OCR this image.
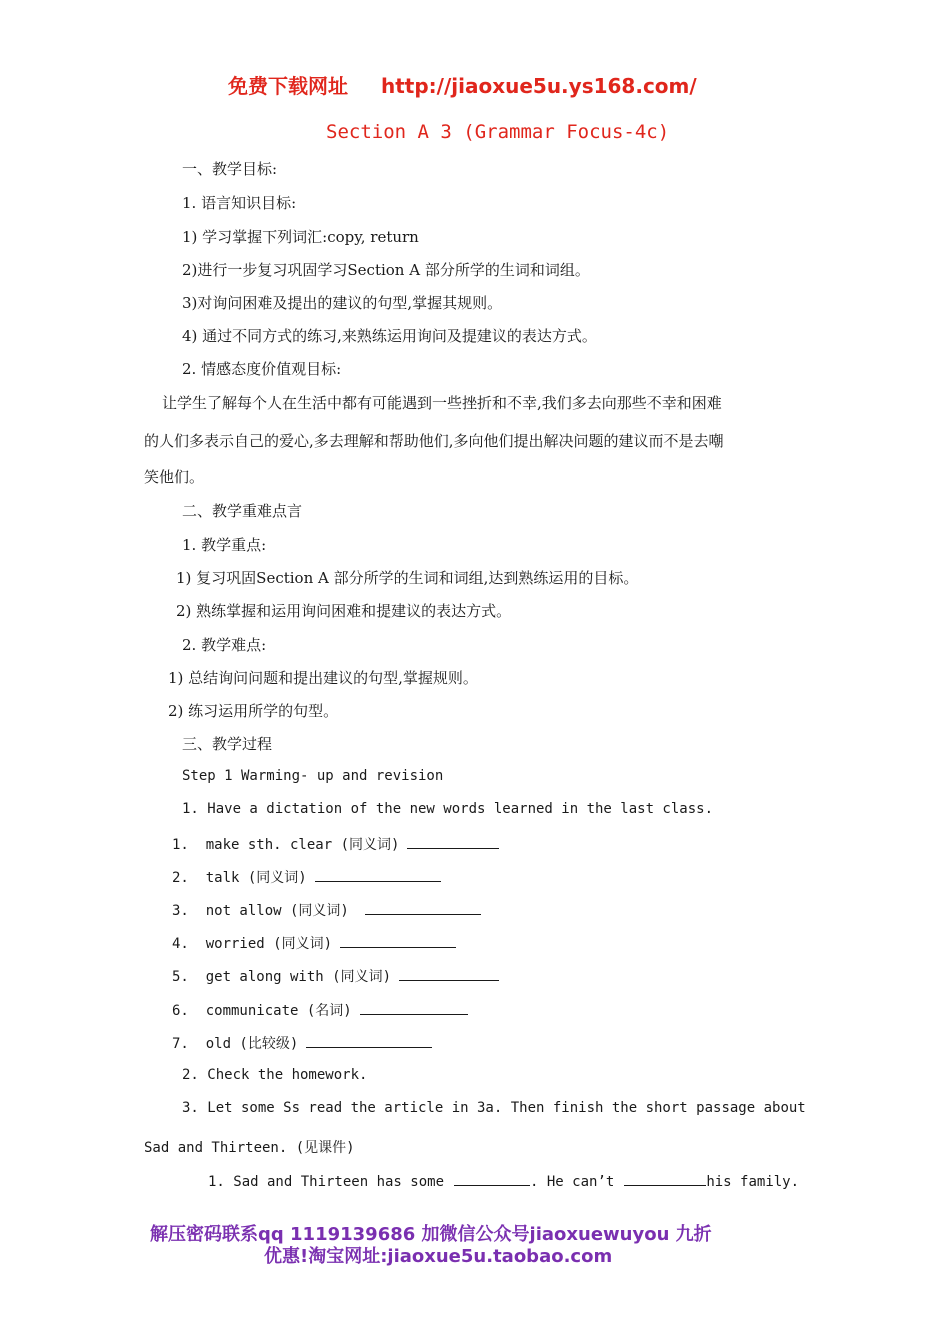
免费下载网址 http://jiaoxue5u.ys168.com/
Section A 3 (Grammar Focus-4c)
一、教学目标:
1. 语言知识目标:
1) 学习掌握下列词汇:copy, return
2)进行一步复习巩固学习Section A 部分所学的生词和词组。
3)对询问困难及提出的建议的句型,掌握其规则。
4) 通过不同方式的练习,来熟练运用询问及提建议的表达方式。
2. 情感态度价值观目标:
让学生了解每个人在生活中都有可能遇到一些挫折和不幸,我们多去向那些不幸和困难
的人们多表示自己的爱心,多去理解和帮助他们,多向他们提出解决问题的建议而不是去嘲
笑他们。
二、教学重难点言
1. 教学重点:
1) 复习巩固Section A 部分所学的生词和词组,达到熟练运用的目标。
2) 熟练掌握和运用询问困难和提建议的表达方式。
2. 教学难点:
1) 总结询问问题和提出建议的句型,掌握规则。
2) 练习运用所学的句型。
三、教学过程
Step 1 Warming- up and revision
1. Have a dictation of the new words learned in the last class.
1. make sth. clear (同义词)
2. talk (同义词)
3. not allow (同义词)
4. worried (同义词)
5. get along with (同义词)
6. communicate (名词)
7. old (比较级)
2. Check the homework.
3. Let some Ss read the article in 3a. Then finish the short passage about
Sad and Thirteen. (见课件)
1. Sad and Thirteen has some	. He can’t	his family.
解压密码联系qq 1119139686 加微信公众号jiaoxuewuyou 九折
优惠!淘宝网址:jiaoxue5u.taobao.com
